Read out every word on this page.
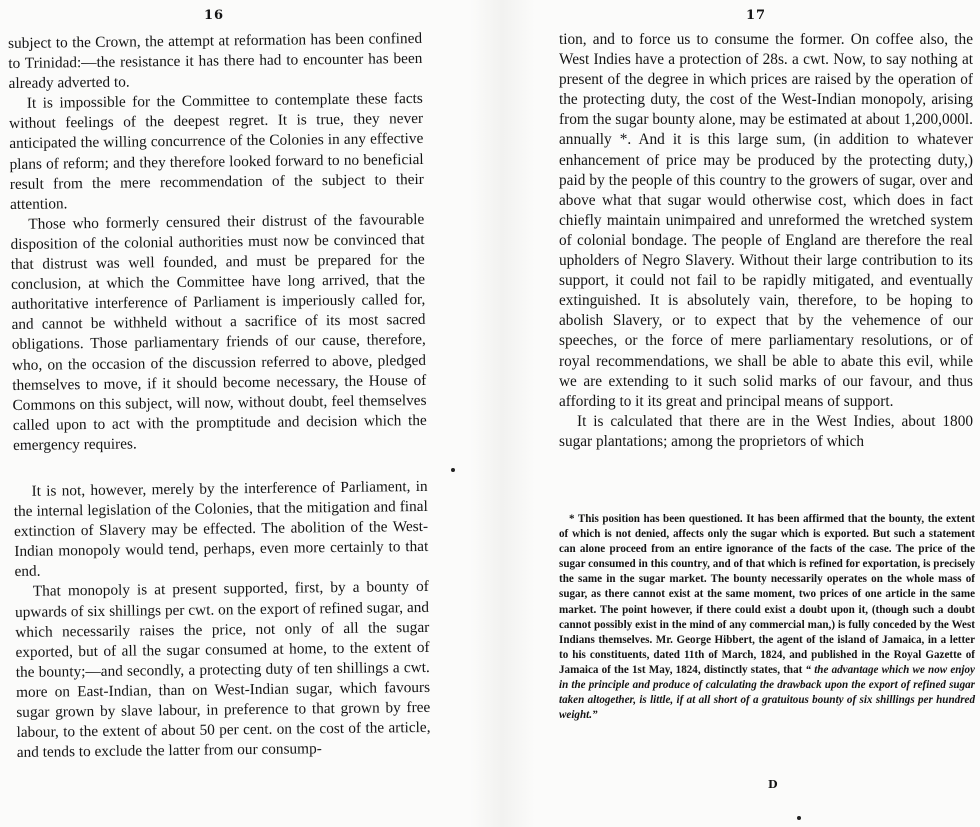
16

subject to the Crown, the attempt at reformation has been confined to Trinidad:—the resistance it has there had to encounter has been already adverted to.

It is impossible for the Committee to contemplate these facts without feelings of the deepest regret. It is true, they never anticipated the willing concurrence of the Colonies in any effective plans of reform; and they therefore looked forward to no beneficial result from the mere recommendation of the subject to their attention.

Those who formerly censured their distrust of the favourable disposition of the colonial authorities must now be convinced that that distrust was well founded, and must be prepared for the conclusion, at which the Committee have long arrived, that the authoritative interference of Parliament is imperiously called for, and cannot be withheld without a sacrifice of its most sacred obligations. Those parliamentary friends of our cause, therefore, who, on the occasion of the discussion referred to above, pledged themselves to move, if it should become necessary, the House of Commons on this subject, will now, without doubt, feel themselves called upon to act with the promptitude and decision which the emergency requires.

It is not, however, merely by the interference of Parliament, in the internal legislation of the Colonies, that the mitigation and final extinction of Slavery may be effected. The abolition of the West-Indian monopoly would tend, perhaps, even more certainly to that end.

That monopoly is at present supported, first, by a bounty of upwards of six shillings per cwt. on the export of refined sugar, and which necessarily raises the price, not only of all the sugar exported, but of all the sugar consumed at home, to the extent of the bounty;—and secondly, a protecting duty of ten shillings a cwt. more on East-Indian, than on West-Indian sugar, which favours sugar grown by slave labour, in preference to that grown by free labour, to the extent of about 50 per cent. on the cost of the article, and tends to exclude the latter from our consump-

17

tion, and to force us to consume the former. On coffee also, the West Indies have a protection of 28s. a cwt. Now, to say nothing at present of the degree in which prices are raised by the operation of the protecting duty, the cost of the West-Indian monopoly, arising from the sugar bounty alone, may be estimated at about 1,200,000l. annually *. And it is this large sum, (in addition to whatever enhancement of price may be produced by the protecting duty,) paid by the people of this country to the growers of sugar, over and above what that sugar would otherwise cost, which does in fact chiefly maintain unimpaired and unreformed the wretched system of colonial bondage. The people of England are therefore the real upholders of Negro Slavery. Without their large contribution to its support, it could not fail to be rapidly mitigated, and eventually extinguished. It is absolutely vain, therefore, to be hoping to abolish Slavery, or to expect that by the vehemence of our speeches, or the force of mere parliamentary resolutions, or of royal recommendations, we shall be able to abate this evil, while we are extending to it such solid marks of our favour, and thus affording to it its great and principal means of support.

It is calculated that there are in the West Indies, about 1800 sugar plantations; among the proprietors of which

* This position has been questioned. It has been affirmed that the bounty, the extent of which is not denied, affects only the sugar which is exported. But such a statement can alone proceed from an entire ignorance of the facts of the case. The price of the sugar consumed in this country, and of that which is refined for exportation, is precisely the same in the sugar market. The bounty necessarily operates on the whole mass of sugar, as there cannot exist at the same moment, two prices of one article in the same market. The point however, if there could exist a doubt upon it, (though such a doubt cannot possibly exist in the mind of any commercial man,) is fully conceded by the West Indians themselves. Mr. George Hibbert, the agent of the island of Jamaica, in a letter to his constituents, dated 11th of March, 1824, and published in the Royal Gazette of Jamaica of the 1st May, 1824, distinctly states, that “ the advantage which we now enjoy in the principle and produce of calculating the drawback upon the export of refined sugar taken altogether, is little, if at all short of a gratuitous bounty of six shillings per hundred weight.”

D
